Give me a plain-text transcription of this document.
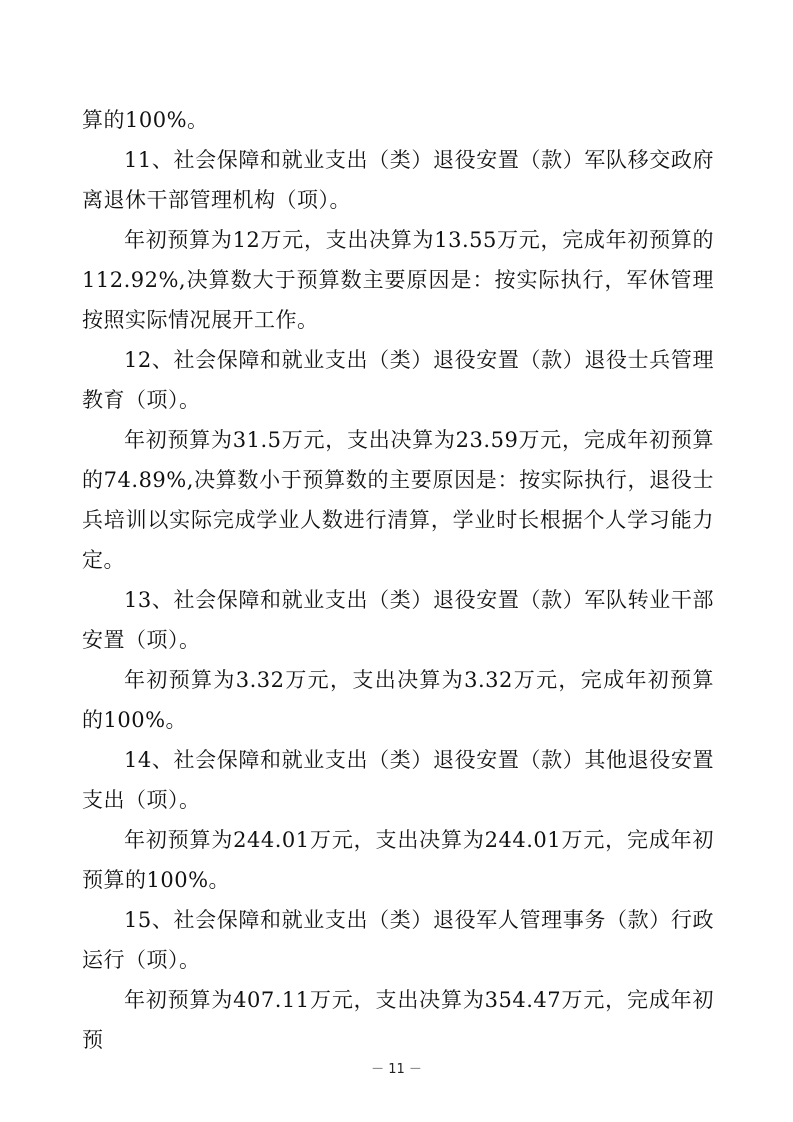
算的100%。

11、社会保障和就业支出（类）退役安置（款）军队移交政府离退休干部管理机构（项）。

年初预算为12万元，支出决算为13.55万元，完成年初预算的112.92%,决算数大于预算数主要原因是：按实际执行，军休管理按照实际情况展开工作。

12、社会保障和就业支出（类）退役安置（款）退役士兵管理教育（项）。

年初预算为31.5万元，支出决算为23.59万元，完成年初预算的74.89%,决算数小于预算数的主要原因是：按实际执行，退役士兵培训以实际完成学业人数进行清算，学业时长根据个人学习能力定。

13、社会保障和就业支出（类）退役安置（款）军队转业干部安置（项）。

年初预算为3.32万元，支出决算为3.32万元，完成年初预算的100%。

14、社会保障和就业支出（类）退役安置（款）其他退役安置支出（项）。

年初预算为244.01万元，支出决算为244.01万元，完成年初预算的100%。

15、社会保障和就业支出（类）退役军人管理事务（款）行政运行（项）。

年初预算为407.11万元，支出决算为354.47万元，完成年初预

－ 11 －
